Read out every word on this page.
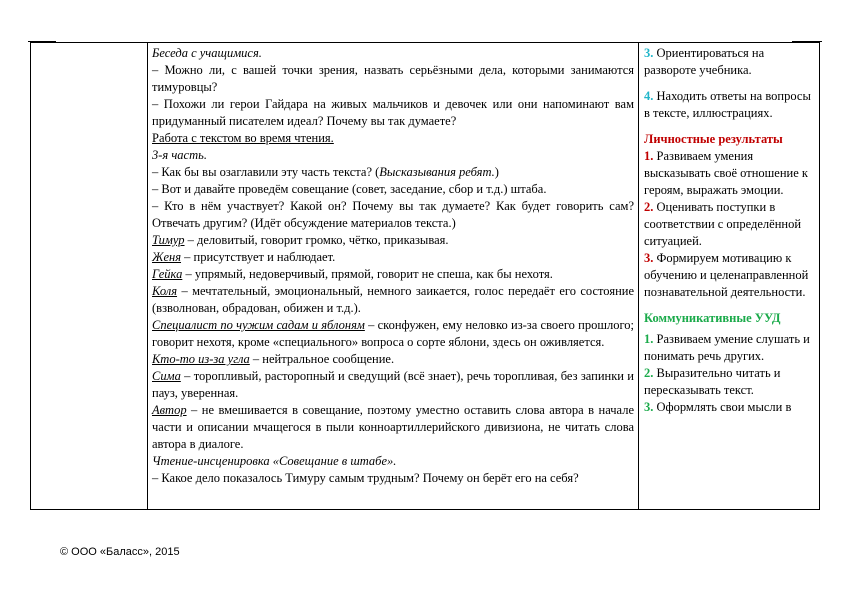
Беседа с учащимися.

– Можно ли, с вашей точки зрения, назвать серьёзными дела, которыми занимаются тимуровцы?

– Похожи ли герои Гайдара на живых мальчиков и девочек или они напоминают вам придуманный писателем идеал? Почему вы так думаете?

Работа с текстом во время чтения.

3-я часть.

– Как бы вы озаглавили эту часть текста? (Высказывания ребят.)

– Вот и давайте проведём совещание (совет, заседание, сбор и т.д.) штаба.

– Кто в нём участвует? Какой он? Почему вы так думаете? Как будет говорить сам? Отвечать другим? (Идёт обсуждение материалов текста.)

Тимур – деловитый, говорит громко, чётко, приказывая.

Женя – присутствует и наблюдает.

Гейка – упрямый, недоверчивый, прямой, говорит не спеша, как бы нехотя.

Коля – мечтательный, эмоциональный, немного заикается, голос передаёт его состояние (взволнован, обрадован, обижен и т.д.).

Специалист по чужим садам и яблоням – сконфужен, ему неловко из-за своего прошлого; говорит нехотя, кроме «специального» вопроса о сорте яблони, здесь он оживляется.

Кто-то из-за угла – нейтральное сообщение.

Сима – торопливый, расторопный и сведущий (всё знает), речь торопливая, без запинки и пауз, уверенная.

Автор – не вмешивается в совещание, поэтому уместно оставить слова автора в начале части и описании мчащегося в пыли конноартиллерийского дивизиона, не читать слова автора в диалоге.

Чтение-инсценировка «Совещание в штабе».

– Какое дело показалось Тимуру самым трудным? Почему он берёт его на себя?

3. Ориентироваться на развороте учебника.

4. Находить ответы на вопросы в тексте, иллюстрациях.

Личностные результаты

1. Развиваем умения высказывать своё отношение к героям, выражать эмоции.

2. Оценивать поступки в соответствии с определённой ситуацией.

3. Формируем мотивацию к обучению и целенаправленной познавательной деятельности.

Коммуникативные УУД

1. Развиваем умение слушать и понимать речь других.

2. Выразительно читать и пересказывать текст.

3. Оформлять свои мысли в

© ООО «Баласс», 2015
